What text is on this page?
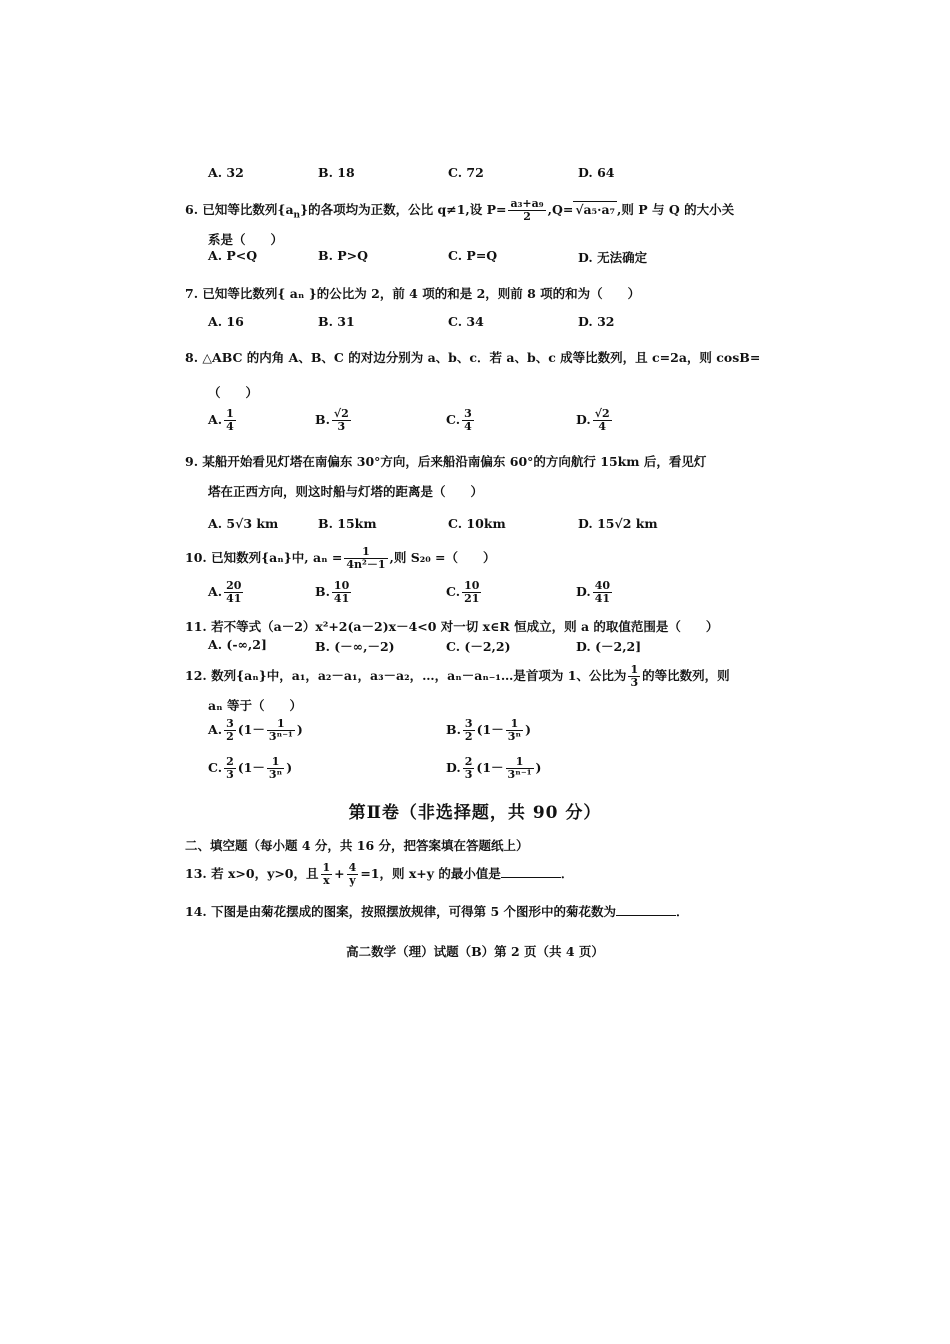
A. 32	B. 18	C. 72	D. 64
6. 已知等比数列$\{a_n\}$的各项均为正数，公比 q≠1,设 $P= \frac{\text{a₃+a₉}}{2} ,Q= √a_5\cdot a_7$ ,则 P 与 Q 的大小关
系是（　　）
A. P<Q	B. P>Q	C. P=Q	D. 无法确定
7. 已知等比数列{ aₙ }的公比为 2，前 4 项的和是 2，则前 8 项的和为（　　）
A. 16	B. 31	C. 34	D. 32
8. △ABC 的内角 A、B、C 的对边分别为 a、b、c．若 a、b、c 成等比数列，且 c=2a，则 cosB=
（　　）
A. $\frac{1}{4}$	B. $\frac{√2}{3}$	C. $\frac{3}{4}$	D. $\frac{√2}{4}$
9. 某船开始看见灯塔在南偏东 30°方向，后来船沿南偏东 60°的方向航行 15km 后，看见灯
塔在正西方向，则这时船与灯塔的距离是（　　）
A. 5√3 km	B. 15km	C. 10km	D. 15√2 km
10. 已知数列{aₙ}中, $a_n = \frac{1}{\text{4n²－1}}$ ,则 S₂₀ =（　　）
A. $\frac{20}{41}$	B. $\frac{10}{41}$	C. $\frac{10}{21}$	D. $\frac{40}{41}$
11. 若不等式（a－2）x²+2(a－2)x－4<0 对一切 x∈R 恒成立，则 a 的取值范围是（　　）
A. (-∞,2]	B. (－∞,－2)	C. (－2,2)	D. (－2,2]
12. 数列{aₙ}中，a₁，a₂－a₁，a₃－a₂，…，aₙ－aₙ₋₁…是首项为 1、公比为 $\frac{1}{3}$ 的等比数列，则
aₙ 等于（　　）
A. $\frac{3}{2} (1- \frac{1}{\text{3ⁿ⁻¹}}$ )	B. $\frac{3}{2} (1- \frac{1}{\text{3ⁿ}}$ )
C. $\frac{2}{3} (1- \frac{1}{\text{3ⁿ}}$ )	D. $\frac{2}{3} (1- \frac{1}{\text{3ⁿ⁻¹}}$ )
第Ⅱ卷（非选择题，共 90 分）
二、填空题（每小题 4 分，共 16 分，把答案填在答题纸上）
13. 若 x>0，y>0，且 $\frac{1}{x} + \frac{4}{y} =1$，则 x+y 的最小值是	．
14. 下图是由菊花摆成的图案，按照摆放规律，可得第 5 个图形中的菊花数为	．
高二数学（理）试题（B）第 2 页（共 4 页）
